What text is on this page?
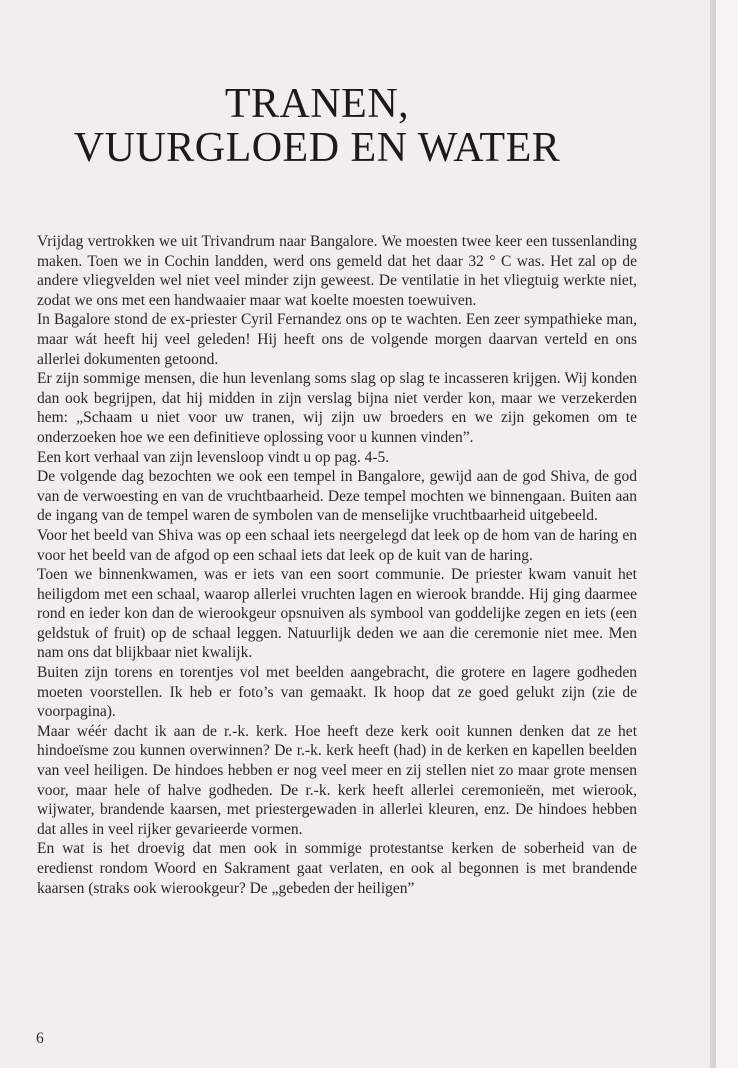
TRANEN,
VUURGLOED EN WATER

Vrijdag vertrokken we uit Trivandrum naar Bangalore. We moesten twee keer een tussenlanding maken. Toen we in Cochin landden, werd ons gemeld dat het daar 32 ° C was. Het zal op de andere vliegvelden wel niet veel minder zijn geweest. De ventilatie in het vliegtuig werkte niet, zodat we ons met een handwaaier maar wat koelte moesten toewuiven.

In Bagalore stond de ex-priester Cyril Fernandez ons op te wachten. Een zeer sympathieke man, maar wát heeft hij veel geleden! Hij heeft ons de volgende morgen daarvan verteld en ons allerlei dokumenten getoond.

Er zijn sommige mensen, die hun levenlang soms slag op slag te incasseren krijgen. Wij konden dan ook begrijpen, dat hij midden in zijn verslag bijna niet verder kon, maar we verzekerden hem: „Schaam u niet voor uw tranen, wij zijn uw broeders en we zijn gekomen om te onderzoeken hoe we een definitieve oplossing voor u kunnen vinden”.

Een kort verhaal van zijn levensloop vindt u op pag. 4-5.

De volgende dag bezochten we ook een tempel in Bangalore, gewijd aan de god Shiva, de god van de verwoesting en van de vruchtbaarheid. Deze tempel mochten we binnengaan. Buiten aan de ingang van de tempel waren de symbolen van de menselijke vruchtbaarheid uitgebeeld.

Voor het beeld van Shiva was op een schaal iets neergelegd dat leek op de hom van de haring en voor het beeld van de afgod op een schaal iets dat leek op de kuit van de haring.

Toen we binnenkwamen, was er iets van een soort communie. De priester kwam vanuit het heiligdom met een schaal, waarop allerlei vruchten lagen en wierook brandde. Hij ging daarmee rond en ieder kon dan de wierookgeur opsnuiven als symbool van goddelijke zegen en iets (een geldstuk of fruit) op de schaal leggen. Natuurlijk deden we aan die ceremonie niet mee. Men nam ons dat blijkbaar niet kwalijk.

Buiten zijn torens en torentjes vol met beelden aangebracht, die grotere en lagere godheden moeten voorstellen. Ik heb er foto’s van gemaakt. Ik hoop dat ze goed gelukt zijn (zie de voorpagina).

Maar wéér dacht ik aan de r.-k. kerk. Hoe heeft deze kerk ooit kunnen denken dat ze het hindoeïsme zou kunnen overwinnen? De r.-k. kerk heeft (had) in de kerken en kapellen beelden van veel heiligen. De hindoes hebben er nog veel meer en zij stellen niet zo maar grote mensen voor, maar hele of halve godheden. De r.-k. kerk heeft allerlei ceremonieën, met wierook, wijwater, brandende kaarsen, met priestergewaden in allerlei kleuren, enz. De hindoes hebben dat alles in veel rijker gevarieerde vormen.

En wat is het droevig dat men ook in sommige protestantse kerken de soberheid van de eredienst rondom Woord en Sakrament gaat verlaten, en ook al begonnen is met brandende kaarsen (straks ook wierookgeur? De „gebeden der heiligen”

6
